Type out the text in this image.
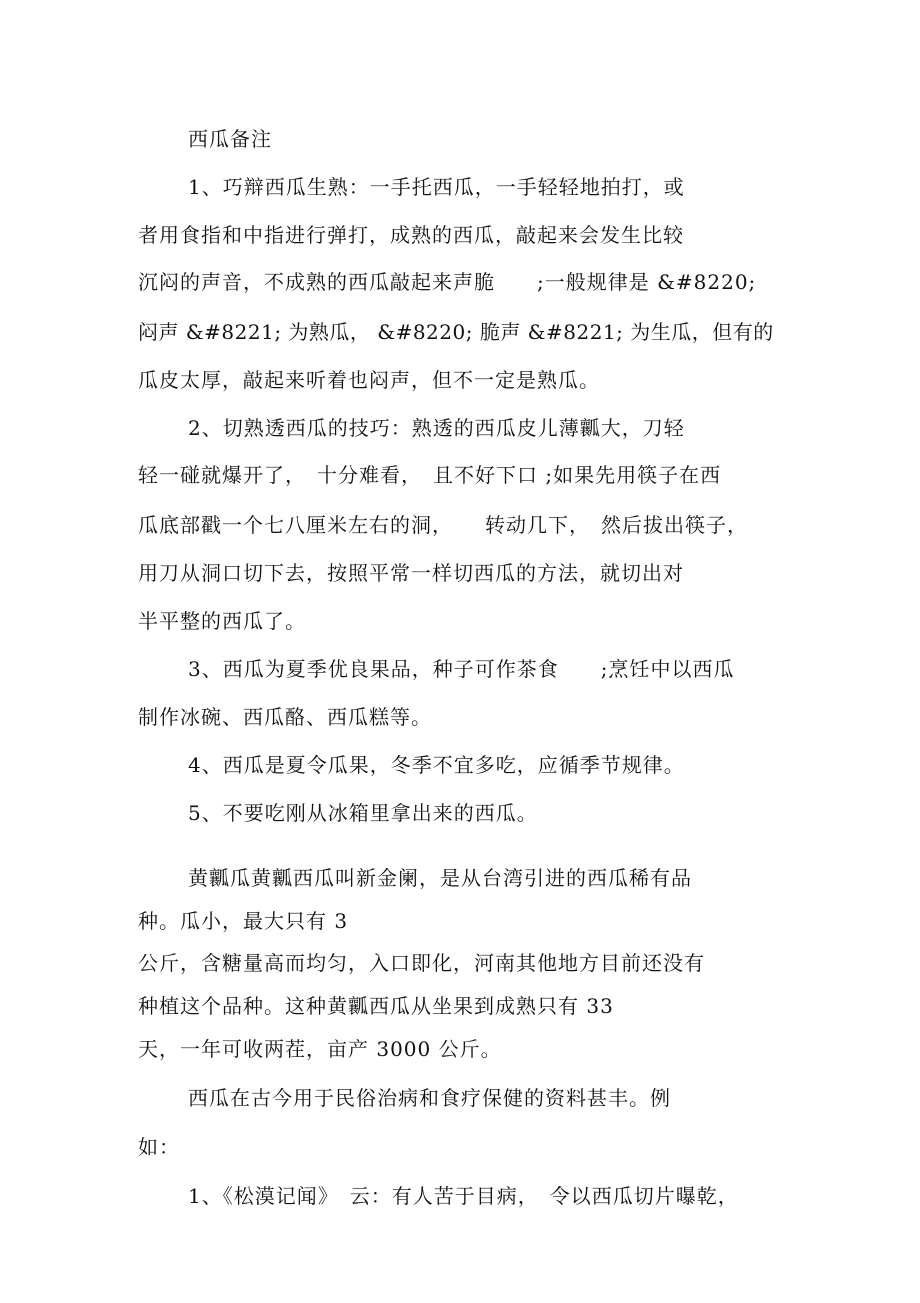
西瓜备注
1、巧辩西瓜生熟：一手托西瓜，一手轻轻地拍打，或
者用食指和中指进行弹打，成熟的西瓜，敲起来会发生比较
沉闷的声音，不成熟的西瓜敲起来声脆　　;一般规律是 &#8220;
闷声 &#8221; 为熟瓜， &#8220; 脆声 &#8221; 为生瓜，但有的
瓜皮太厚，敲起来听着也闷声，但不一定是熟瓜。
2、切熟透西瓜的技巧：熟透的西瓜皮儿薄瓤大，刀轻
轻一碰就爆开了，　十分难看，　且不好下口 ;如果先用筷子在西
瓜底部戳一个七八厘米左右的洞，　　转动几下，　然后拔出筷子，
用刀从洞口切下去，按照平常一样切西瓜的方法，就切出对
半平整的西瓜了。
3、西瓜为夏季优良果品，种子可作茶食　　;烹饪中以西瓜
制作冰碗、西瓜酪、西瓜糕等。
4、西瓜是夏令瓜果，冬季不宜多吃，应循季节规律。
5、不要吃刚从冰箱里拿出来的西瓜。
黄瓤瓜黄瓤西瓜叫新金阑，是从台湾引进的西瓜稀有品
种。瓜小，最大只有 3
公斤，含糖量高而均匀，入口即化，河南其他地方目前还没有
种植这个品种。这种黄瓤西瓜从坐果到成熟只有 33
天，一年可收两茬，亩产 3000 公斤。
西瓜在古今用于民俗治病和食疗保健的资料甚丰。例
如：
1、《松漠记闻》　云：有人苦于目病，　令以西瓜切片曝乾，
